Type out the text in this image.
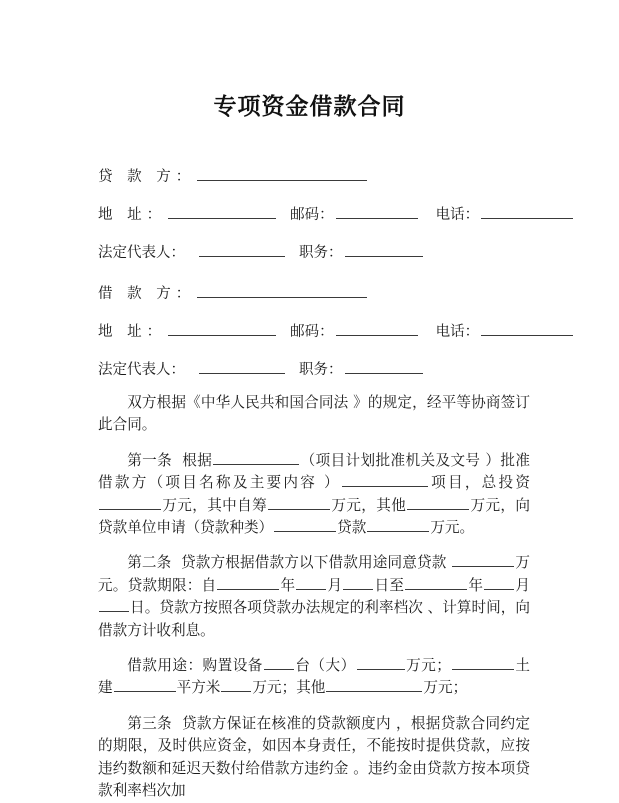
专项资金借款合同
贷 款 方：
地 址：	邮码：	电话：
法定代表人：	职务：
借 款 方：
地 址：	邮码：	电话：
法定代表人：	职务：

双方根据《中华人民共和国合同法 》的规定，经平等协商签订此合同。

第一条 根据	（项目计划批准机关及文号 ）批准借款方（项目名称及主要内容 ）	项目，总投资万元，其中自筹	万元，其他	万元，向贷款单位申请（贷款种类）	贷款	万元。

第二条 贷款方根据借款方以下借款用途同意贷款	万元。贷款期限：自	年 月 日至	年 月日。贷款方按照各项贷款办法规定的利率档次 、计算时间，向借款方计收利息。

借款用途：购置设备 台（大）	万元；	土建	平方米 万元；其他	万元；

第三条 贷款方保证在核准的贷款额度内 ，根据贷款合同约定的期限，及时供应资金，如因本身责任，不能按时提供贷款，应按违约数额和延迟天数付给借款方违约金 。违约金由贷款方按本项贷款利率档次加
